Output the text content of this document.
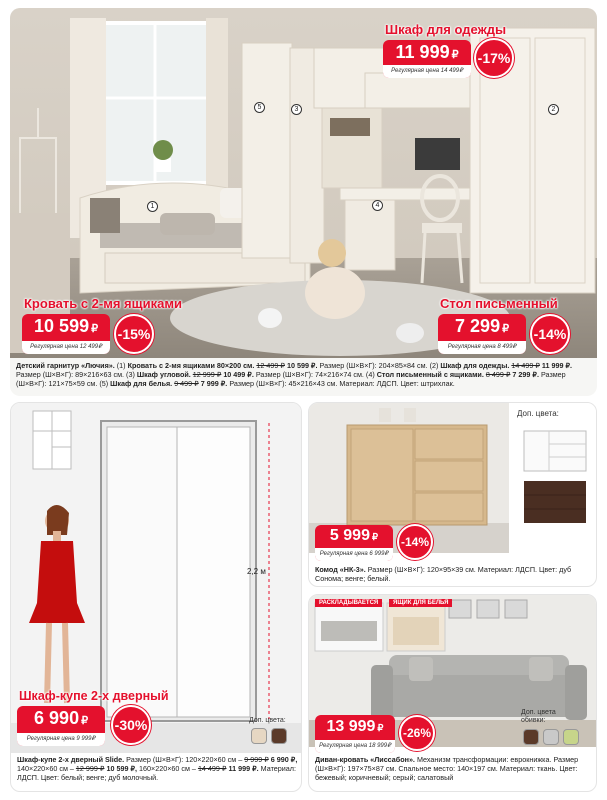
1
2
3
4
5
Шкаф для одежды
11 999 ₽
Регулярная цена 14 499₽
-17%
Кровать с 2-мя ящиками
10 599 ₽
Регулярная цена 12 499₽
-15%
Стол письменный
7 299 ₽
Регулярная цена 8 499₽
-14%
Детский гарнитур «Лючия». (1) Кровать с 2-мя ящиками 80×200 см. 12 499 ₽ 10 599 ₽. Размер (Ш×В×Г): 204×85×84 см. (2) Шкаф для одежды. 14 499 ₽ 11 999 ₽. Размер (Ш×В×Г): 89×216×63 см. (3) Шкаф угловой. 12 999 ₽ 10 499 ₽. Размер (Ш×В×Г): 74×216×74 см. (4) Стол письменный с ящиками. 8 499 ₽ 7 299 ₽. Размер (Ш×В×Г): 121×75×59 см. (5) Шкаф для белья. 9 499 ₽ 7 999 ₽. Размер (Ш×В×Г): 45×216×43 см. Материал: ЛДСП. Цвет: штрихлак.
2,2 м
Шкаф-купе 2-х дверный
6 990 ₽
Регулярная цена 9 999₽
-30%	Доп. цвета:
Шкаф-купе 2-х дверный Slide. Размер (Ш×В×Г): 120×220×60 см – 9 999 ₽ 6 990 ₽, 140×220×60 см – 12 999 ₽ 10 599 ₽, 160×220×60 см – 14 499 ₽ 11 999 ₽. Материал: ЛДСП. Цвет: белый; венге; дуб молочный.
Доп. цвета:
5 999 ₽
Регулярная цена 6 999₽
-14%
Комод «НК-3». Размер (Ш×В×Г): 120×95×39 см. Материал: ЛДСП. Цвет: дуб Сонома; венге; белый.
РАСКЛАДЫВАЕТСЯ	ЯЩИК ДЛЯ БЕЛЬЯ
13 999 ₽
Регулярная цена 18 999₽
-26%
Доп. цвета обивки:
Диван-кровать «Лиссабон». Механизм трансформации: еврокнижка. Размер (Ш×В×Г): 197×75×87 см. Спальное место: 140×197 см. Материал: ткань. Цвет: бежевый; коричневый; серый; салатовый
